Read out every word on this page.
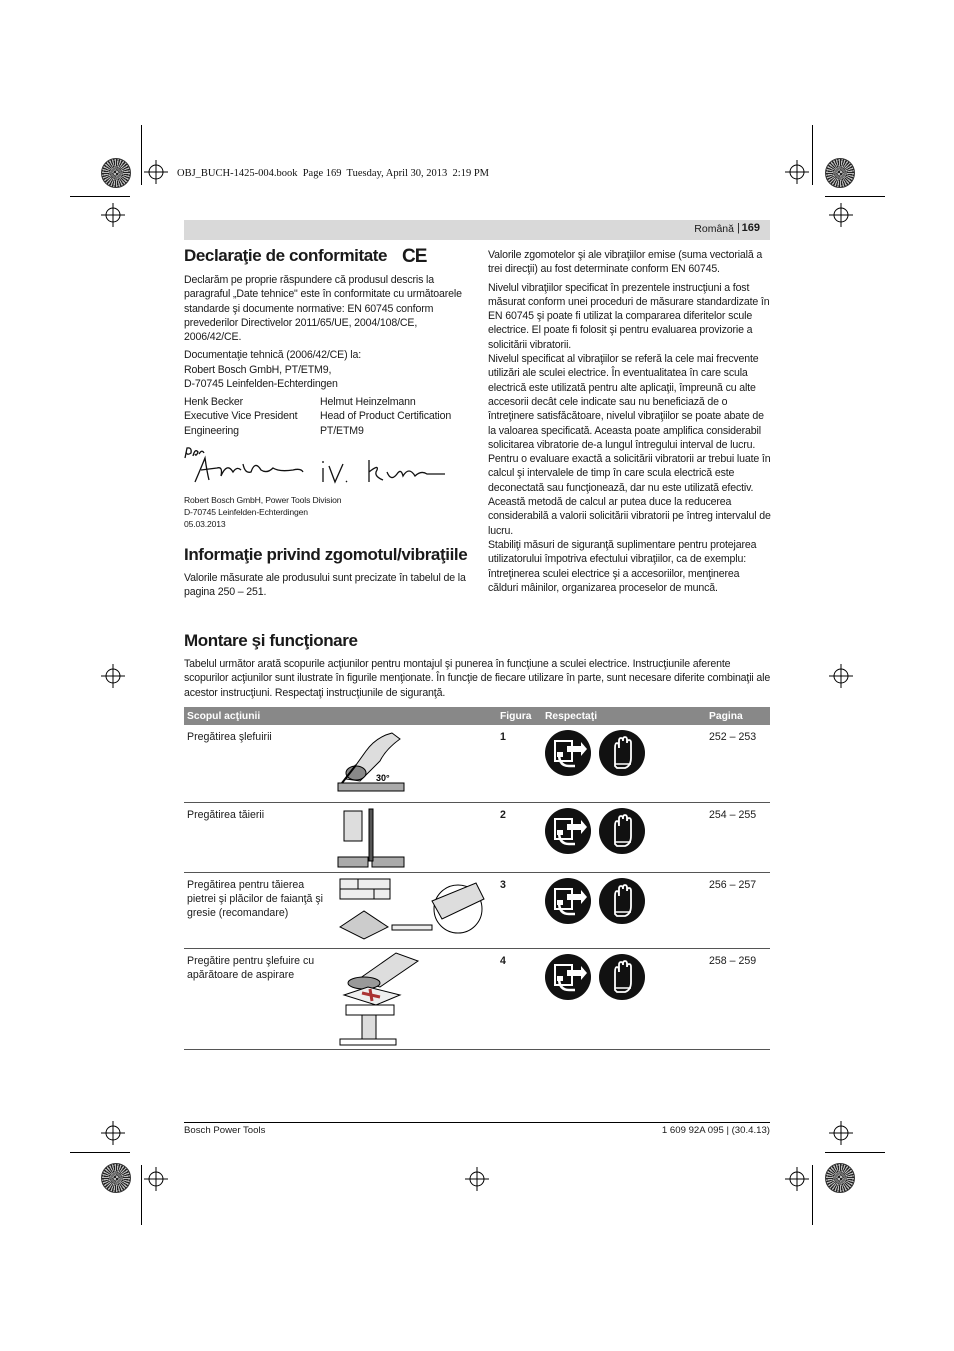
OBJ_BUCH-1425-004.book  Page 169  Tuesday, April 30, 2013  2:19 PM
Română | 169
Declaraţie de conformitate CE

Declarăm pe proprie răspundere că produsul descris la paragraful „Date tehnice" este în conformitate cu următoarele standarde şi documente normative: EN 60745 conform prevederilor Directivelor 2011/65/UE, 2004/108/CE, 2006/42/CE.

Documentaţie tehnică (2006/42/CE) la:
Robert Bosch GmbH, PT/ETM9,
D-70745 Leinfelden-Echterdingen
Henk Becker
Executive Vice President
Engineering
Helmut Heinzelmann
Head of Product Certification
PT/ETM9
Robert Bosch GmbH, Power Tools Division
D-70745 Leinfelden-Echterdingen
05.03.2013
Informaţie privind zgomotul/vibraţiile
Valorile măsurate ale produsului sunt precizate în tabelul de la pagina 250 – 251.

Valorile zgomotelor şi ale vibraţiilor emise (suma vectorială a trei direcţii) au fost determinate conform EN 60745.

Nivelul vibraţiilor specificat în prezentele instrucţiuni a fost măsurat conform unei proceduri de măsurare standardizate în EN 60745 şi poate fi utilizat la compararea diferitelor scule electrice. El poate fi folosit şi pentru evaluarea provizorie a solicitării vibratorii.

Nivelul specificat al vibraţiilor se referă la cele mai frecvente utilizări ale sculei electrice. În eventualitatea în care scula electrică este utilizată pentru alte aplicaţii, împreună cu alte accesorii decât cele indicate sau nu beneficiază de o întreţinere satisfăcătoare, nivelul vibraţiilor se poate abate de la valoarea specificată. Aceasta poate amplifica considerabil solicitarea vibratorie de-a lungul întregului interval de lucru.

Pentru o evaluare exactă a solicitării vibratorii ar trebui luate în calcul şi intervalele de timp în care scula electrică este deconectată sau funcţionează, dar nu este utilizată efectiv. Această metodă de calcul ar putea duce la reducerea considerabilă a valorii solicitării vibratorii pe întreg intervalul de lucru.

Stabiliţi măsuri de siguranţă suplimentare pentru protejarea utilizatorului împotriva efectului vibraţiilor, ca de exemplu: întreţinerea sculei electrice şi a accesoriilor, menţinerea călduri mâinilor, organizarea proceselor de muncă.

Montare şi funcţionare
Tabelul următor arată scopurile acţiunilor pentru montajul şi punerea în funcţiune a sculei electrice. Instrucţiunile aferente scopurilor acţiunilor sunt ilustrate în figurile menţionate. În funcţie de fiecare utilizare în parte, sunt necesare diferite combinaţii ale acestor instrucţiuni. Respectaţi instrucţiunile de siguranţă.
Scopul acţiunii	Figura	Respectaţi	Pagina

Pregătirea şlefuirii
30°	1		252 – 253

Pregătirea tăierii	2		254 – 255

Pregătirea pentru tăierea pietrei şi plăcilor de faianţă şi gresie (recomandare)	3		256 – 257

Pregătire pentru şlefuire cu apărătoare de aspirare	4		258 – 259
Bosch Power Tools	1 609 92A 095 | (30.4.13)
